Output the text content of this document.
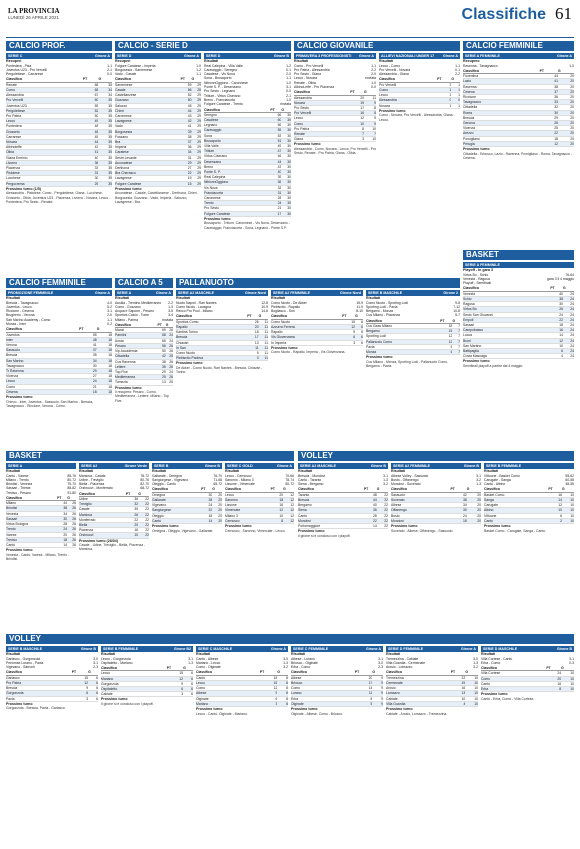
LA PROVINCIA
LUNEDÌ 26 APRILE 2021	Classifiche 61
CALCIO PROF.	CALCIO - SERIE D	CALCIO GIOVANILE	CALCIO FEMMINILE
CALCIO FEMMINILE	CALCIO A 5	PALLANUOTO
BASKET
BASKET	VOLLEY
VOLLEY
SERIE C	Girone A
Recuperi
Pontedera - Pisa	1-1
Juventus U23 - Pro Vercelli	2-1
Pergolettese - Carrarese	0-0
Classifica	PT	G
Renate	68	35
Como	68	34
Alessandria	67	34
Pro Vercelli	60	35
Juventus U23	55	35
Pergolettese	52	35
Pro Patria	50	35
Lecco	49	35
Pontedera	48	35
Grosseto	46	35
Carrarese	45	35
Novara	44	35
Albinoleffe	42	35
Olbia	41	35
Giana Erminio	40	35
Livorno	36	35
Piacenza	33	35
Pistoiese	31	35
Lucchese	30	35
Pergocrema	25	35
Prossimo turno (1/5)
Alessandria - Pistoiese, Como - Pergolettese, Giana - Lucchese, Grosseto - Olbia, Juventus U23 - Piacenza, Livorno - Novara, Lecco - Pontedera, Pro Sesto - Renate.
SERIE D	Girone A
Recuperi
Folgore Caratese - Imperia	1-0
Borgosesia - Sanremese	1-2
Vado - Casale	1-1
Classifica	PT	G
Sanremese	59	29
Casale	56	28
Castellanzese	52	29
Gozzano	50	29
Saluzzo	45	29
Chieri	44	29
Caronnese	43	29
Lavagnese	42	29
Vado	41	29
Borgosesia	39	29
Fossano	38	29
Bra	37	29
Imperia	36	29
Caratese	34	29
Sestri Levante	31	29
Arconatese	29	29
Derthona	27	29
Bra Cherasco	22	29
Lavagnese	19	29
Folgore Caratese	15	29
Prossimo turno
Arconatese - Casale, Castellanzese - Derthona, Chieri - Borgosesia, Gozzano - Vado, Imperia - Saluzzo, Lavagnese - Bra.
SERIE D	Girone B
Risultati
Real Calepina - Villa Valle	1-2
Caravaggio - Seregno	0-1
Casatese - Vis Nova	2-0
Sona - Brusaporto	1-1
NibionnOggiono - Caronnese	1-0
Ponte S. P. - Desenzano	3-1
Pro Sesto - Legnano	0-0
Tritium - Virtus Ciserano	2-1
Breno - Franciacorta	1-0
Folgore Caratese - Trento	rinviata
Classifica	PT	G
Seregno	66	30
Casatese	60	30
Legnano	56	30
Caravaggio	55	30
Sona	53	30
Brusaporto	51	30
Villa Valle	49	30
Tritium	47	30
Virtus Ciserano	46	30
Desenzano	44	30
Breno	43	30
Ponte S. P.	40	30
Real Calepina	39	30
NibionnOggiono	36	30
Vis Nova	33	30
Franciacorta	31	30
Caronnese	28	30
Trento	24	30
Pro Sesto	21	30
Folgore Caratese	17	30
Prossimo turno
Brusaporto - Tritium, Caronnese - Vis Nova, Desenzano - Caravaggio, Franciacorta - Sona, Legnano - Ponte S.P.
PRIMAVERA 3 PROFESSIONISTI Girone A
Risultati
Como - Pro Vercelli	1-1
Pro Patria - Alessandria	2-2
Pro Sesto - Giana	2-0
Lecco - Novara	rinviata
Renate - Olbia	1-0
AlbinoLeffe - Pro Piacenza	0-0
Classifica	PT	G
Alessandria	20	11
Novara	19	9
Pro Sesto	17	8
Pro Vercelli	16	8
Lecco	12	9
Como	10	9
Pro Patria	8	10
Renate	7	7
Giana	3	10
Prossimo turno
Alessandria - Como, Novara - Lecco, Pro Vercelli - Pro Sesto, Renate - Pro Patria, Giana - Olbia.
ALLIEVI NAZIONALI UNDER 17 Girone A
Risultati
Lecco - Como	1-1
Pro Vercelli - Novara	0-1
Alessandria - Giana	2-2
Classifica	PT	G
Pro Vercelli	3	1
Como	1	1
Lecco	1	1
Alessandria	0	0
Novara	1	1
Prossimo turno
Como - Novara, Pro Vercelli - Alessandria, Giana - Lecco.
SERIE A FEMMINILE	Girone A
Recupero
Ravenna - Tavagnacco	1-0
Classifica	PT	G
Fiorentina	44	20
Lazio	41	20
Ravenna	38	20
Cesena	37	20
Riccione	36	20
Tavagnacco	33	20
Cittadella	32	20
Roma	30	20
Brescia	29	20
Genova	26	20
Vicenza	25	20
Arezzo	22	20
Pomigliano	18	20
Perugia	12	20
Prossimo turno
Cittadella - Erbusco, Lazio - Ravenna, Pomigliano - Roma, Tavagnacco - Cesena.
PROMOZIONE FEMMINILE	Girone A
Risultati
Brescia - Tavagnacco	4-0
Juventus - Lecco	5-2
Riccione - Cesena	3-1
Brugherio - Verona	2-0
San Marino Academy - Como	1-1
Monza - Inter	0-2
Classifica	PT	G
Juventus	55	18
Inter	48	18
Verona	41	18
Sassuolo	37	18
Brescia	35	18
San Marino	34	18
Tavagnacco	30	18
Tr Ravenna	29	18
Vicenza	27	18
Lecco	24	18
Como	21	18
Cesena	18	18
Prossimo turno
Chievo - Inter, Juventus - Sassuolo, San Marino - Brescia, Tavagnacco - Riccione, Verona - Como.
SERIE A	Girone A
Risultati
Ausilia - Trentino Mediterraneo	2-2
Como - Gozzano	1-3
Acqua e Sapone - Pesaro	3-5
Sportiva Calcio - Tome	3-4
Milano - Parma	rinviata
Classifica	PT	G
Manzi	69	26
Pannini	68	24
Aosta	65	24
Pesaro	56	26
Vip Accademia	50	26
Cittadella	42	25
Cus Ravenna	38	26
Lettere	35	26
Top Five	29	24
Mediterranea	25	26
Tomezia	13	26
Prossimo turno
Il recupero: Pesaro - Como, Mediterranea - Lettere, Milano - Top Five.
SERIE A2 MASCHILE	Girone Nord
Risultati
Nuoto Napoli - Rari Nantes	12-8
Como Nuoto - Lavagna	10-9
Recco Pro Pool - Milano	14-6
Classifica	PT	G
Sportiva Como	26	11
Rapallo	20	11
Kantina Torino	18	11
Brescia	17	11
Chiavari	13	11
In San	11	11
Como Nuoto	9	11
Plebiscito Padova	3	11
Prossimo turno
De Akker - Como Nuoto, Rari Nantes - Brescia, Chiavari - Torino.
SERIE A2 FEMMINILE	Girone Nord
Risultati
Como Nuoto - De Akker	15-9
Plebiscito - Rapallo	11-9
Bogliasco - Sori	8-10
Classifica	PT	G
Como Nuoto	15	6
Azzurra Ferrera	12	6
Rapallo	9	6
Vis Giovenzana	6	6
In Imperia	3	6
Prossimo turno
Como Nuoto - Rapallo, Imperia - Vis Giovenzana.
SERIE B MASCHILE	Girone 2
Risultati
Como Nuoto - Sporting Lodi	9-8
Sporting Lodi - Pavia	7-12
Bergamo - Monza	10-8
Cus Milano - Piacenza	5-7
Classifica	PT	G
Cus Geas Milano	18	7
Bergamo	15	7
Sporting Lodi	12	7
Pallanuoto Como	12	7
Pavia	6	7
Monza	6	7
Prossimo turno
Cus Milano - Monza, Sporting Lodi - Pallanuoto Como, Bergamo - Pavia.
SERIE A FEMMINILE
Playoff - In gara 3
Virtus Bo - Schio	76-64
Venezia - Ragusa	gara 3 il 4 maggio
Playoff - Semifinali
Classifica	PT	G
Venezia	40	24
Schio	38	24
Ragusa	30	24
Virtus Bo	26	24
Sesto San Giovanni	24	24
Empoli	22	24
Sassari	18	24
Campobasso	16	24
Lucca	14	24
Broni	12	24
San Martino	10	24
Battipaglia	6	24
Costa Masnaga	4	24
Prossimo turno
Semifinali playoff a partire dal 4 maggio.
SERIE A
Risultati
Cantù - Varese	85-76
Milano - Trento	80-72
Brindisi - Venezia	75-70
Sassari - Trieste	88-82
Treviso - Pesaro	91-80
Classifica	PT	G
Milano	44	26
Brindisi	38	26
Venezia	34	26
Sassari	30	26
Virtus Bologna	28	26
Trento	24	26
Varese	20	26
Treviso	18	26
Cantù	14	26
Prossimo turno
Venezia - Cantù, Varese - Milano, Trento - Brindisi.
SERIE A2	Girone Verde
Risultati
Mantova - Casale	78-72
Udine - Treviglio	80-76
Biella - Piacenza	82-70
Orzinuovi - Monferrato	68-72
Classifica	PT	G
Udine	36	22
Treviglio	32	22
Casale	30	22
Mantova	26	22
Monferrato	22	22
Biella	20	22
Piacenza	16	22
Orzinuovi	10	22
Prossimo turno (28/04)
Casale - Udine, Treviglio - Biella, Piacenza - Mantova.
SERIE B	Girone B
Risultati
Gallarate - Omegna	76-70
Sangiorgese - Vigevano	71-68
Oleggio - Cantù	65-72
Classifica	PT	G
Omegna	30	20
Gallarate	28	20
Vigevano	24	20
Sangiorgese	22	20
Oleggio	18	20
Cantù	14	20
Prossimo turno
Omegna - Oleggio, Vigevano - Gallarate.
SERIE C GOLD	Girone A
Risultati
Lecco - Cernusco	70-66
Saronno - Milano 3	78-74
Lissone - Vimercate	80-72
Classifica	PT	G
Lecco	20	12
Saronno	18	12
Lissone	16	12
Vimercate	12	12
Milano 3	10	12
Cernusco	8	12
Prossimo turno
Cernusco - Saronno, Vimercate - Lecco.
SERIE A2 MASCHILE	Girone B
Risultati
Brescia - Mondovì	3-1
Cantù - Taranto	1-3
Siena - Bergamo	3-2
Classifica	PT	G
Taranto	48	22
Brescia	44	22
Bergamo	40	22
Siena	36	22
Cantù	28	22
Mondovì	22	22
Portomaggiore	14	22
Prossimo turno
Il girone si è concluso con i playoff.
SERIE A2 FEMMINILE	Girone B
Risultati
Albese Volley - Sassuolo	3-1
Busto - Offanengo	3-2
Mondovì - Soverato	1-3
Classifica	PT	G
Sassuolo	42	20
Soverato	38	20
Albese	34	20
Offanengo	30	20
Busto	24	20
Mondovì	18	20
Prossimo turno
Soverato - Albese, Offanengo - Sassuolo.
SERIE B FEMMINILE
Risultati
Vittuone - Basket Como	55-62
Carugate - Sanga	60-58
Cantù - Albino	48-55
Classifica	PT	G
Basket Como	16	10
Sanga	14	10
Carugate	12	10
Albino	10	10
Vittuone	6	10
Cantù	2	10
Prossimo turno
Basket Como - Carugate, Sanga - Cantù.
SERIE B MASCHILE	Girone B
Risultati
Garlasco - Gorgonzola	3-0
Pneumax Lurano - Pavia	3-1
Vigevano - Sarroch	2-3
Classifica	PT	G
Garlasco	15	6
Pro Patria	12	6
Brescia	9	6
Gorgonzola	6	6
Pavia	3	6
Prossimo turno
Gorgonzola - Brescia, Pavia - Garlasco.
SERIE B FEMMINILE	Girone B2
Risultati
Lecco - Gorgonzola	3-1
Ospitaletto - Mariano	1-3
Classifica	PT	G
Lecco	15	6
Mariano	12	6
Gorgonzola	9	6
Ospitaletto	6	6
Cabiate	3	6
Prossimo turno
Il girone si è concluso con i playoff.
SERIE C MASCHILE	Girone A
Risultati
Cantù - Albese	3-0
Mariano - Lecco	1-3
Como - Olginate	3-2
Classifica	PT	G
Cantù	18	8
Lecco	15	8
Como	12	8
Albese	9	8
Olginate	6	8
Mariano	3	8
Prossimo turno
Lecco - Cantù, Olginate - Mariano.
SERIE C FEMMINILE	Girone A
Risultati
Albese - Lurano	3-1
Briosco - Olginate	3-0
Erba - Como	2-3
Classifica	PT	G
Albese	20	9
Briosco	17	9
Como	14	9
Lurano	11	9
Erba	8	9
Olginate	5	9
Prossimo turno
Olginate - Albese, Como - Briosco.
SERIE D FEMMINILE	Girone A
Risultati
Tremezzina - Cabiate	3-0
Villa Guardia - Cermenate	1-3
Arosio - Lomazzo	3-2
Classifica	PT	G
Tremezzina	22	10
Cermenate	19	10
Arosio	16	10
Lomazzo	13	10
Cabiate	10	10
Villa Guardia	4	10
Prossimo turno
Cabiate - Arosio, Lomazzo - Tremezzina.
SERIE D MASCHILE	Girone B
Risultati
Villa Cortese - Cantù	3-1
Erba - Como	0-3
Classifica	PT	G
Villa Cortese	24	10
Como	20	10
Cantù	16	10
Erba	8	10
Prossimo turno
Cantù - Erba, Como - Villa Cortese.
